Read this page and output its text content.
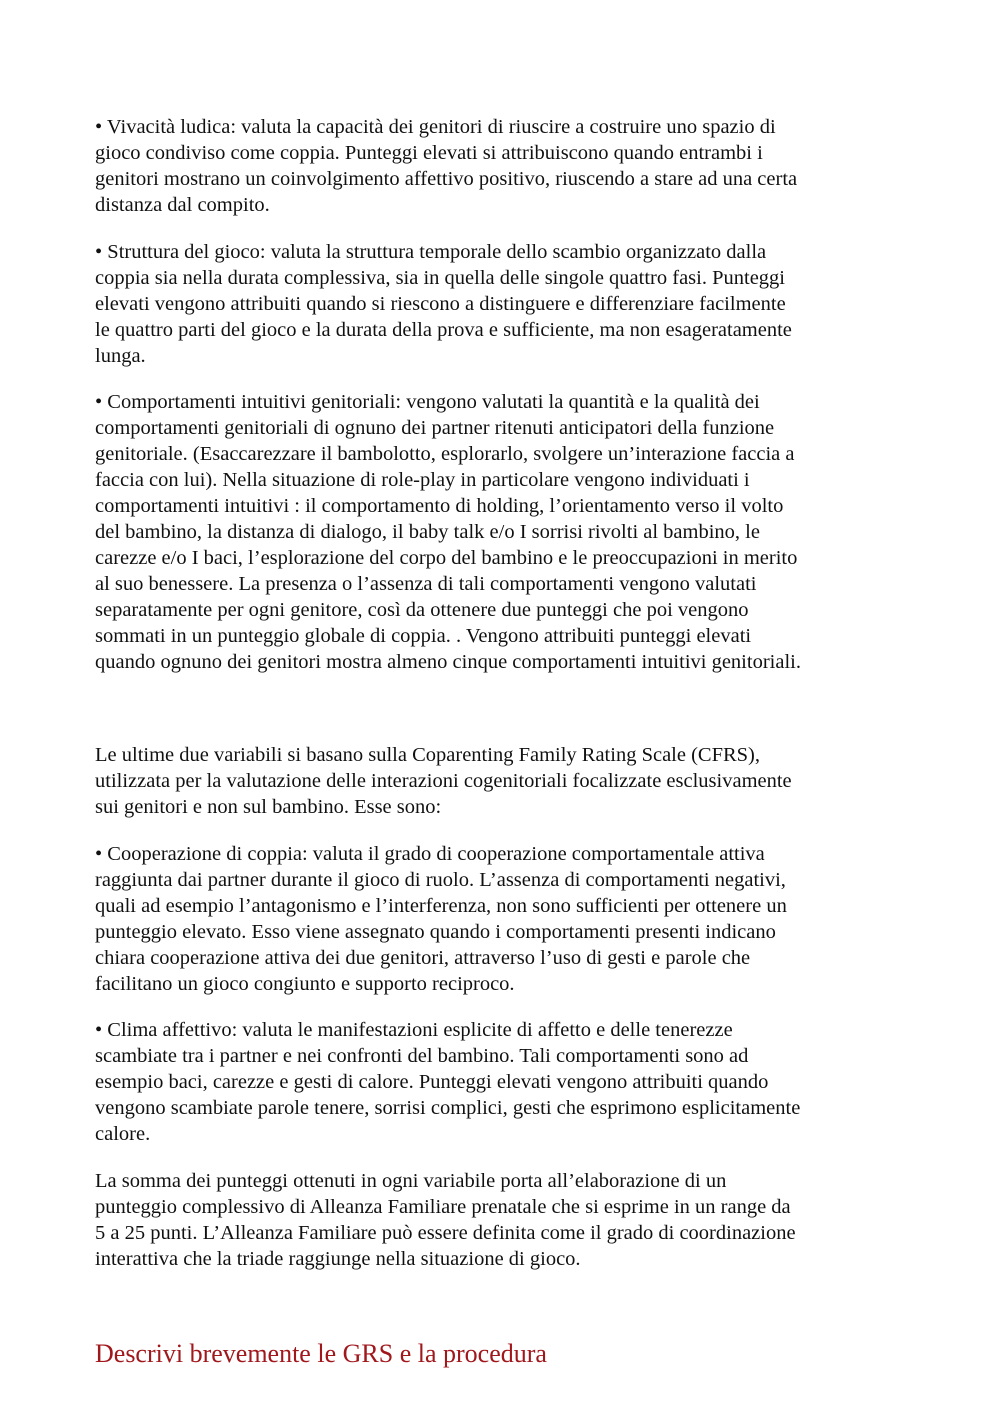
• Vivacità ludica: valuta la capacità dei genitori di riuscire a costruire uno spazio di
gioco condiviso come coppia. Punteggi elevati si attribuiscono quando entrambi i
genitori mostrano un coinvolgimento affettivo positivo, riuscendo a stare ad una certa
distanza dal compito.

• Struttura del gioco: valuta la struttura temporale dello scambio organizzato dalla
coppia sia nella durata complessiva, sia in quella delle singole quattro fasi. Punteggi
elevati vengono attribuiti quando si riescono a distinguere e differenziare facilmente
le quattro parti del gioco e la durata della prova e sufficiente, ma non esageratamente
lunga.

• Comportamenti intuitivi genitoriali: vengono valutati la quantità e la qualità dei
comportamenti genitoriali di ognuno dei partner ritenuti anticipatori della funzione
genitoriale. (Esaccarezzare il bambolotto, esplorarlo, svolgere un’interazione faccia a
faccia con lui). Nella situazione di role-play in particolare vengono individuati i
comportamenti intuitivi : il comportamento di holding, l’orientamento verso il volto
del bambino, la distanza di dialogo, il baby talk e/o I sorrisi rivolti al bambino, le
carezze e/o I baci, l’esplorazione del corpo del bambino e le preoccupazioni in merito
al suo benessere. La presenza o l’assenza di tali comportamenti vengono valutati
separatamente per ogni genitore, così da ottenere due punteggi che poi vengono
sommati in un punteggio globale di coppia. . Vengono attribuiti punteggi elevati
quando ognuno dei genitori mostra almeno cinque comportamenti intuitivi genitoriali.

Le ultime due variabili si basano sulla Coparenting Family Rating Scale (CFRS),
utilizzata per la valutazione delle interazioni cogenitoriali focalizzate esclusivamente
sui genitori e non sul bambino. Esse sono:

• Cooperazione di coppia: valuta il grado di cooperazione comportamentale attiva
raggiunta dai partner durante il gioco di ruolo. L’assenza di comportamenti negativi,
quali ad esempio l’antagonismo e l’interferenza, non sono sufficienti per ottenere un
punteggio elevato. Esso viene assegnato quando i comportamenti presenti indicano
chiara cooperazione attiva dei due genitori, attraverso l’uso di gesti e parole che
facilitano un gioco congiunto e supporto reciproco.

• Clima affettivo: valuta le manifestazioni esplicite di affetto e delle tenerezze
scambiate tra i partner e nei confronti del bambino. Tali comportamenti sono ad
esempio baci, carezze e gesti di calore. Punteggi elevati vengono attribuiti quando
vengono scambiate parole tenere, sorrisi complici, gesti che esprimono esplicitamente
calore.

La somma dei punteggi ottenuti in ogni variabile porta all’elaborazione di un
punteggio complessivo di Alleanza Familiare prenatale che si esprime in un range da
5 a 25 punti. L’Alleanza Familiare può essere definita come il grado di coordinazione
interattiva che la triade raggiunge nella situazione di gioco.

Descrivi brevemente le GRS e la procedura
